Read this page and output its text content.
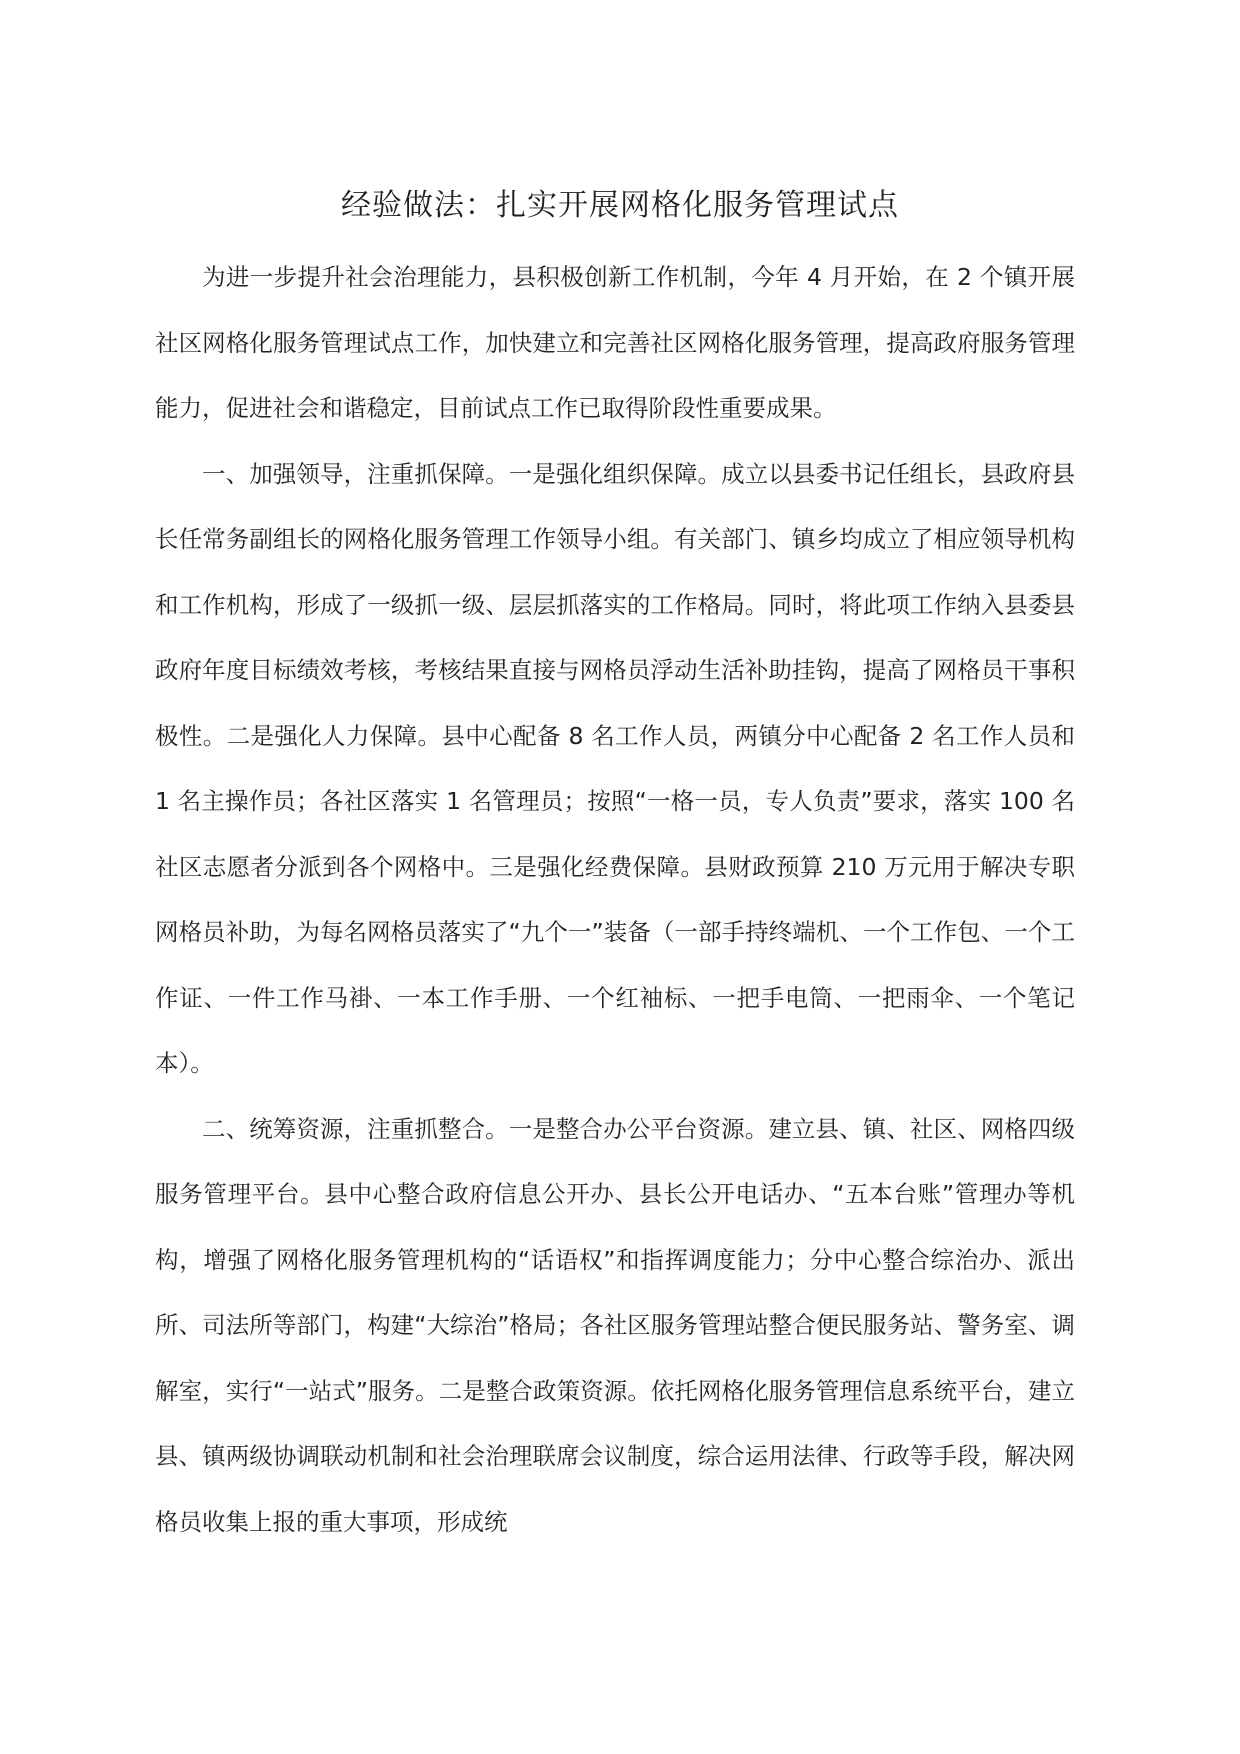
经验做法：扎实开展网格化服务管理试点

为进一步提升社会治理能力，县积极创新工作机制，今年 4 月开始，在 2 个镇开展社区网格化服务管理试点工作，加快建立和完善社区网格化服务管理，提高政府服务管理能力，促进社会和谐稳定，目前试点工作已取得阶段性重要成果。

一、加强领导，注重抓保障。一是强化组织保障。成立以县委书记任组长，县政府县长任常务副组长的网格化服务管理工作领导小组。有关部门、镇乡均成立了相应领导机构和工作机构，形成了一级抓一级、层层抓落实的工作格局。同时，将此项工作纳入县委县政府年度目标绩效考核，考核结果直接与网格员浮动生活补助挂钩，提高了网格员干事积极性。二是强化人力保障。县中心配备 8 名工作人员，两镇分中心配备 2 名工作人员和 1 名主操作员；各社区落实 1 名管理员；按照“一格一员，专人负责”要求，落实 100 名社区志愿者分派到各个网格中。三是强化经费保障。县财政预算 210 万元用于解决专职网格员补助，为每名网格员落实了“九个一”装备（一部手持终端机、一个工作包、一个工作证、一件工作马褂、一本工作手册、一个红袖标、一把手电筒、一把雨伞、一个笔记本）。

二、统筹资源，注重抓整合。一是整合办公平台资源。建立县、镇、社区、网格四级服务管理平台。县中心整合政府信息公开办、县长公开电话办、“五本台账”管理办等机构，增强了网格化服务管理机构的“话语权”和指挥调度能力；分中心整合综治办、派出所、司法所等部门，构建“大综治”格局；各社区服务管理站整合便民服务站、警务室、调解室，实行“一站式”服务。二是整合政策资源。依托网格化服务管理信息系统平台，建立县、镇两级协调联动机制和社会治理联席会议制度，综合运用法律、行政等手段，解决网格员收集上报的重大事项，形成统
